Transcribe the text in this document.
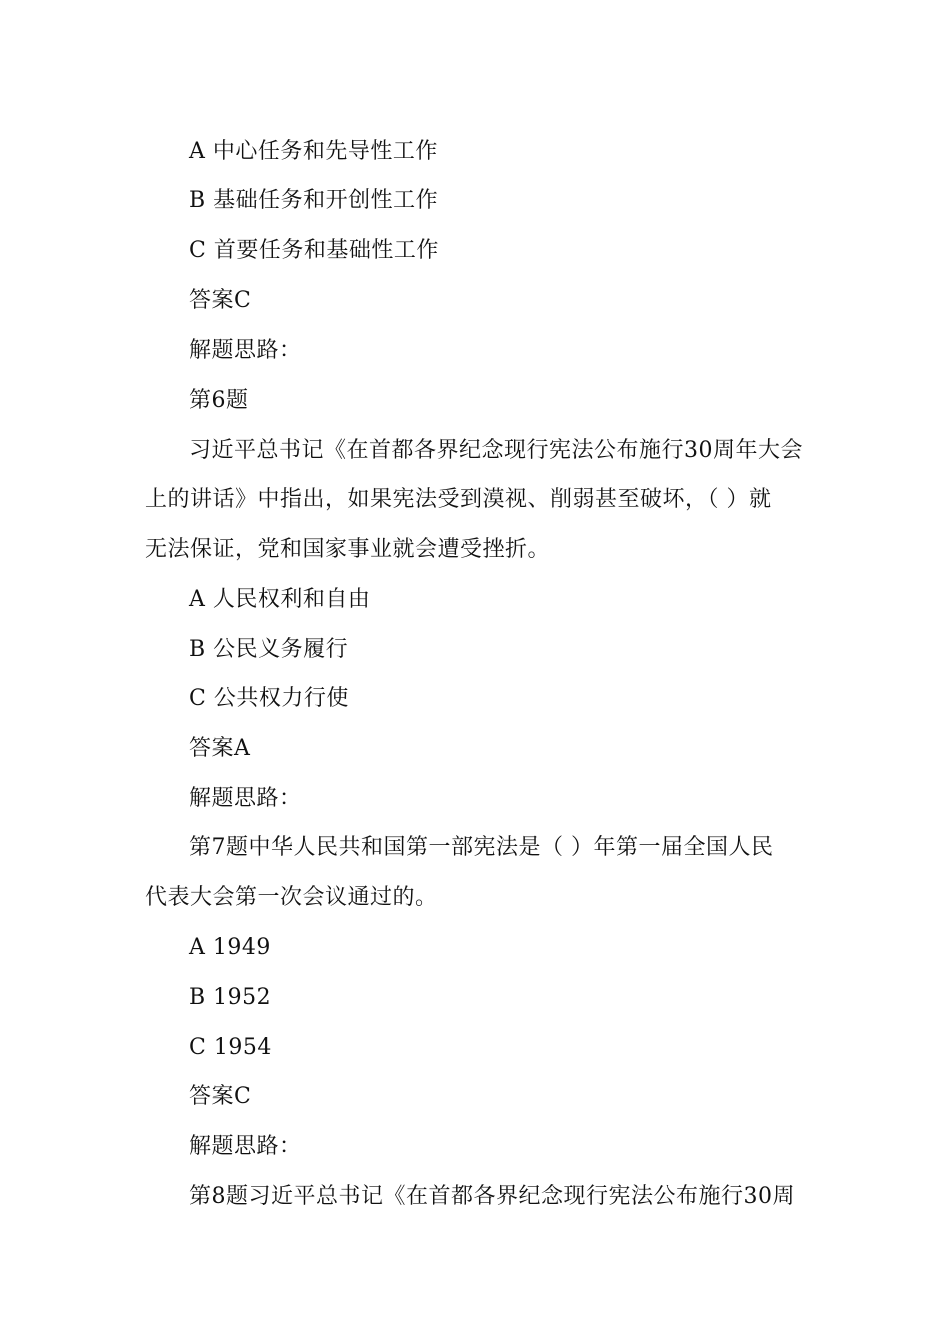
A 中心任务和先导性工作
B 基础任务和开创性工作
C 首要任务和基础性工作
答案C
解题思路：
第6题
习近平总书记《在首都各界纪念现行宪法公布施行30周年大会
上的讲话》中指出，如果宪法受到漠视、削弱甚至破坏，（ ）就
无法保证，党和国家事业就会遭受挫折。
A 人民权利和自由
B 公民义务履行
C 公共权力行使
答案A
解题思路：
第7题中华人民共和国第一部宪法是（ ）年第一届全国人民
代表大会第一次会议通过的。
A 1949
B 1952
C 1954
答案C
解题思路：
第8题习近平总书记《在首都各界纪念现行宪法公布施行30周
